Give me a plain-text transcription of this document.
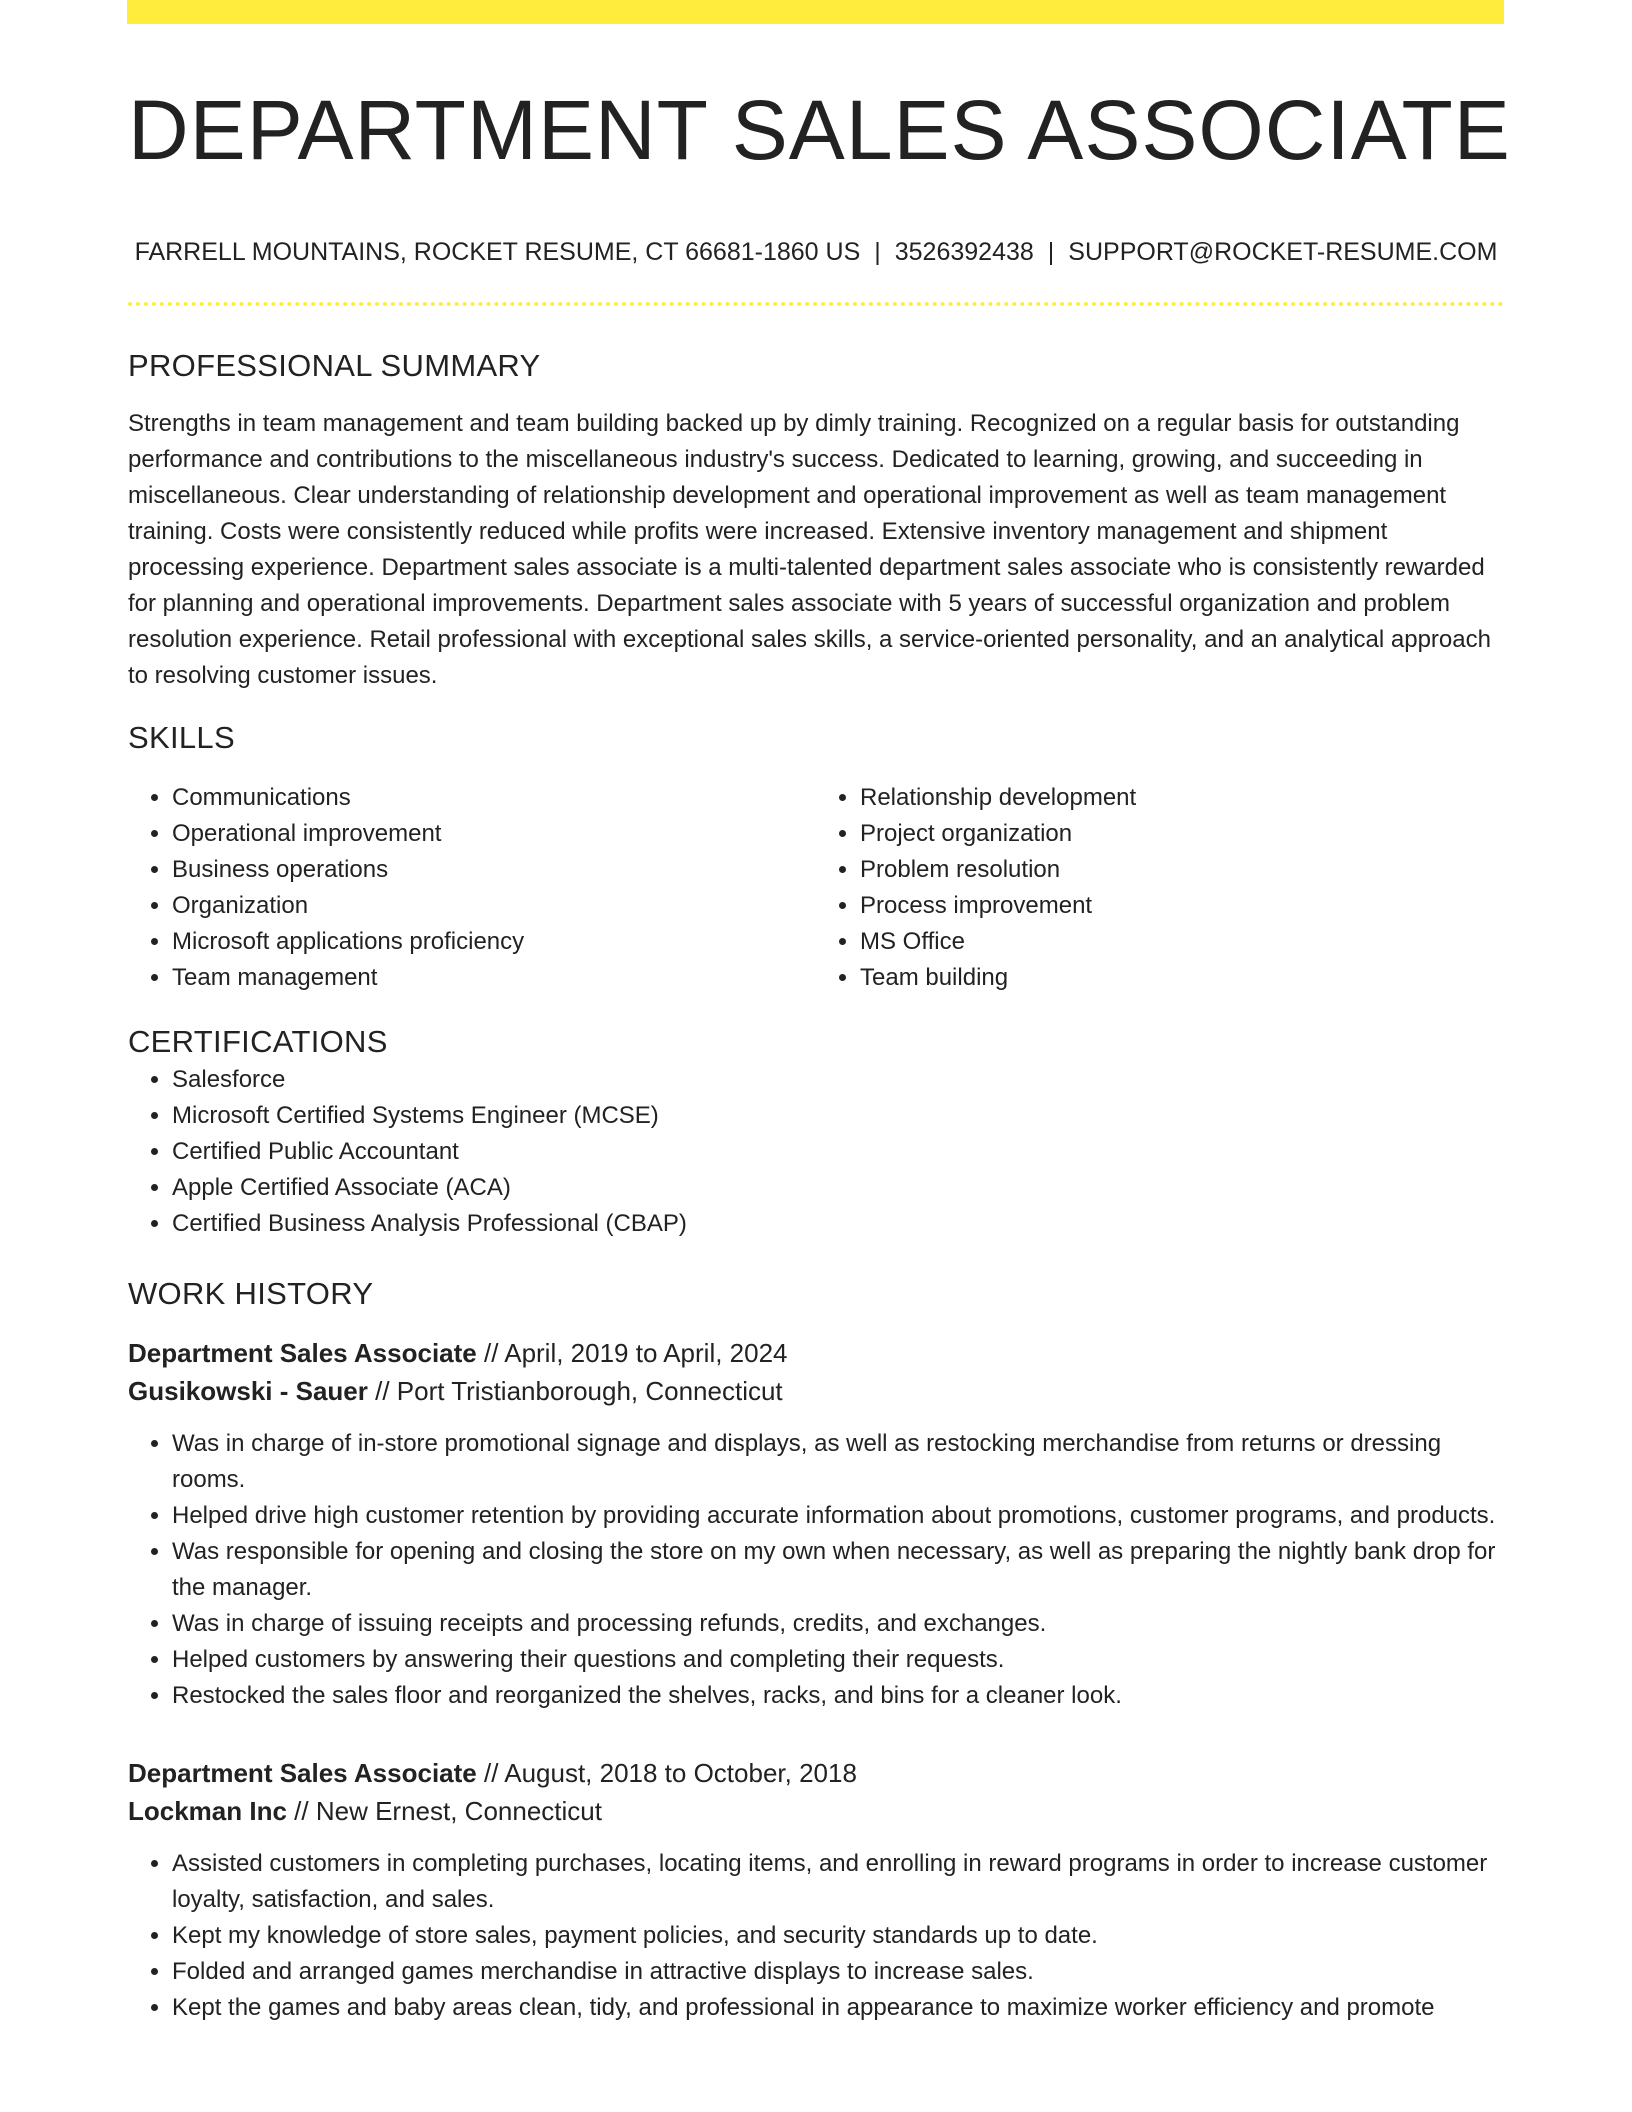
DEPARTMENT SALES ASSOCIATE
FARRELL MOUNTAINS, ROCKET RESUME, CT 66681-1860 US | 3526392438 | SUPPORT@ROCKET-RESUME.COM
PROFESSIONAL SUMMARY
Strengths in team management and team building backed up by dimly training. Recognized on a regular basis for outstanding performance and contributions to the miscellaneous industry's success. Dedicated to learning, growing, and succeeding in miscellaneous. Clear understanding of relationship development and operational improvement as well as team management training. Costs were consistently reduced while profits were increased. Extensive inventory management and shipment processing experience. Department sales associate is a multi-talented department sales associate who is consistently rewarded for planning and operational improvements. Department sales associate with 5 years of successful organization and problem resolution experience. Retail professional with exceptional sales skills, a service-oriented personality, and an analytical approach to resolving customer issues.
SKILLS
• Communications
• Operational improvement
• Business operations
• Organization
• Microsoft applications proficiency
• Team management
• Relationship development
• Project organization
• Problem resolution
• Process improvement
• MS Office
• Team building
CERTIFICATIONS
• Salesforce
• Microsoft Certified Systems Engineer (MCSE)
• Certified Public Accountant
• Apple Certified Associate (ACA)
• Certified Business Analysis Professional (CBAP)
WORK HISTORY
Department Sales Associate // April, 2019 to April, 2024
Gusikowski - Sauer // Port Tristianborough, Connecticut
• Was in charge of in-store promotional signage and displays, as well as restocking merchandise from returns or dressing rooms.
• Helped drive high customer retention by providing accurate information about promotions, customer programs, and products.
• Was responsible for opening and closing the store on my own when necessary, as well as preparing the nightly bank drop for the manager.
• Was in charge of issuing receipts and processing refunds, credits, and exchanges.
• Helped customers by answering their questions and completing their requests.
• Restocked the sales floor and reorganized the shelves, racks, and bins for a cleaner look.
Department Sales Associate // August, 2018 to October, 2018
Lockman Inc // New Ernest, Connecticut
• Assisted customers in completing purchases, locating items, and enrolling in reward programs in order to increase customer loyalty, satisfaction, and sales.
• Kept my knowledge of store sales, payment policies, and security standards up to date.
• Folded and arranged games merchandise in attractive displays to increase sales.
• Kept the games and baby areas clean, tidy, and professional in appearance to maximize worker efficiency and promote
